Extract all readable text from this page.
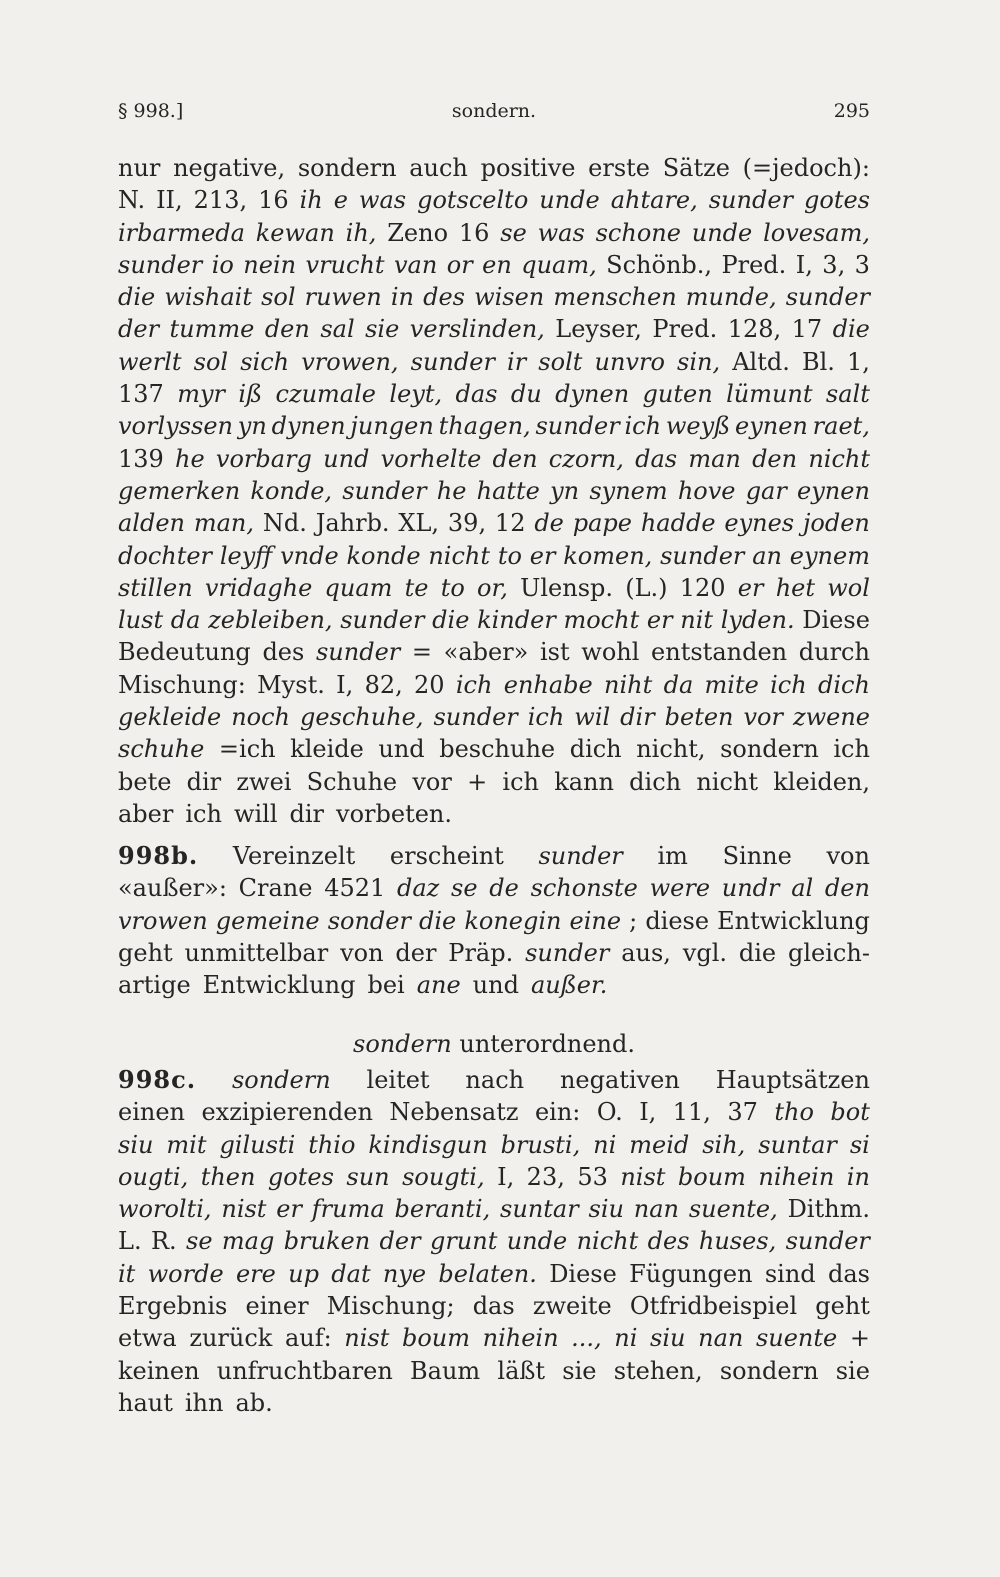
§ 998.]	sondern.	295
nur negative, sondern auch positive erste Sätze (=jedoch):
N. II, 213, 16 ih e was gotscelto unde ahtare, sunder gotes
irbarmeda kewan ih, Zeno 16 se was schone unde lovesam,
sunder io nein vrucht van or en quam, Schönb., Pred. I, 3, 3
die wishait sol ruwen in des wisen menschen munde, sunder
der tumme den sal sie verslinden, Leyser, Pred. 128, 17 die
werlt sol sich vrowen, sunder ir solt unvro sin, Altd. Bl. 1,
137 myr iß czumale leyt, das du dynen guten lümunt salt
vorlyssen yn dynen jungen thagen, sunder ich weyß eynen raet,
139 he vorbarg und vorhelte den czorn, das man den nicht
gemerken konde, sunder he hatte yn synem hove gar eynen
alden man, Nd. Jahrb. XL, 39, 12 de pape hadde eynes joden
dochter leyff vnde konde nicht to er komen, sunder an eynem
stillen vridaghe quam te to or, Ulensp. (L.) 120 er het wol
lust da zebleiben, sunder die kinder mocht er nit lyden. Diese
Bedeutung des sunder = «aber» ist wohl entstanden durch
Mischung: Myst. I, 82, 20 ich enhabe niht da mite ich dich
gekleide noch geschuhe, sunder ich wil dir beten vor zwene
schuhe =ich kleide und beschuhe dich nicht, sondern ich
bete dir zwei Schuhe vor + ich kann dich nicht kleiden,
aber ich will dir vorbeten.
998b. Vereinzelt erscheint sunder im Sinne von
«außer»: Crane 4521 daz se de schonste were undr al den
vrowen gemeine sonder die konegin eine ; diese Entwicklung
geht unmittelbar von der Präp. sunder aus, vgl. die gleich-
artige Entwicklung bei ane und außer.
sondern unterordnend.
998c. sondern leitet nach negativen Hauptsätzen
einen exzipierenden Nebensatz ein: O. I, 11, 37 tho bot
siu mit gilusti thio kindisgun brusti, ni meid sih, suntar si
ougti, then gotes sun sougti, I, 23, 53 nist boum nihein in
worolti, nist er fruma beranti, suntar siu nan suente, Dithm.
L. R. se mag bruken der grunt unde nicht des huses, sunder
it worde ere up dat nye belaten. Diese Fügungen sind das
Ergebnis einer Mischung; das zweite Otfridbeispiel geht
etwa zurück auf: nist boum nihein ..., ni siu nan suente +
keinen unfruchtbaren Baum läßt sie stehen, sondern sie
haut ihn ab.
